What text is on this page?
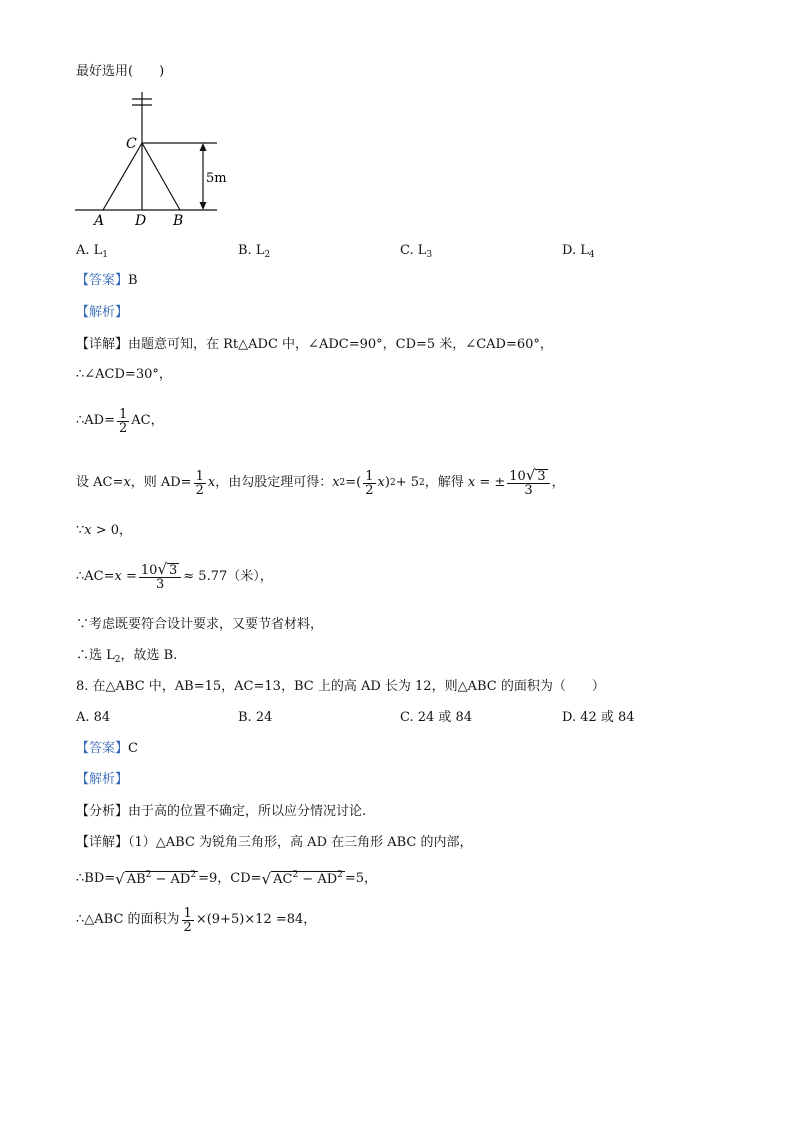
最好选用(　　)
C
A D B
5m
A. $L_1$	B. $L_2$	C. $L_3$	D. $L_4$
【答案】B
【解析】
【详解】由题意可知，在 Rt△ADC 中，∠ADC=90°，CD=5 米，∠CAD=60°，
∴∠ACD=30°，
∴AD= $\frac{1}{2}$ AC，
设 AC= x ，则 $AD= \frac{1}{2}$ x ，由勾股定理可得： x 2 =( $\frac{1}{2}$ x ) 2 + 5 2 ，解得
x
= ± $\frac{10√ 3}{3}$ ，
∵x > 0，
∴AC= x
= $\frac{10√ 3}{3} \approx 5.77$（米），
∵考虑既要符合设计要求，又要节省材料，
∴选 $L_2$，故选 B.
8. 在△ABC 中，AB=15，AC=13，BC 上的高 AD 长为 12，则△ABC 的面积为（　　）
A. 84	B. 24	C. 24 或 84	D. 42 或 84
【答案】C
【解析】
【分析】由于高的位置不确定，所以应分情况讨论.
【详解】（1）△ABC 为锐角三角形，高 AD 在三角形 ABC 的内部，
∴BD= √ $AB^2 - AD^2 =9$，CD= √ $AC^2 - AD^2 =5$，
∴△ABC 的面积为 $\frac{1}{2} \times(9+5)\times 12 =84$，
